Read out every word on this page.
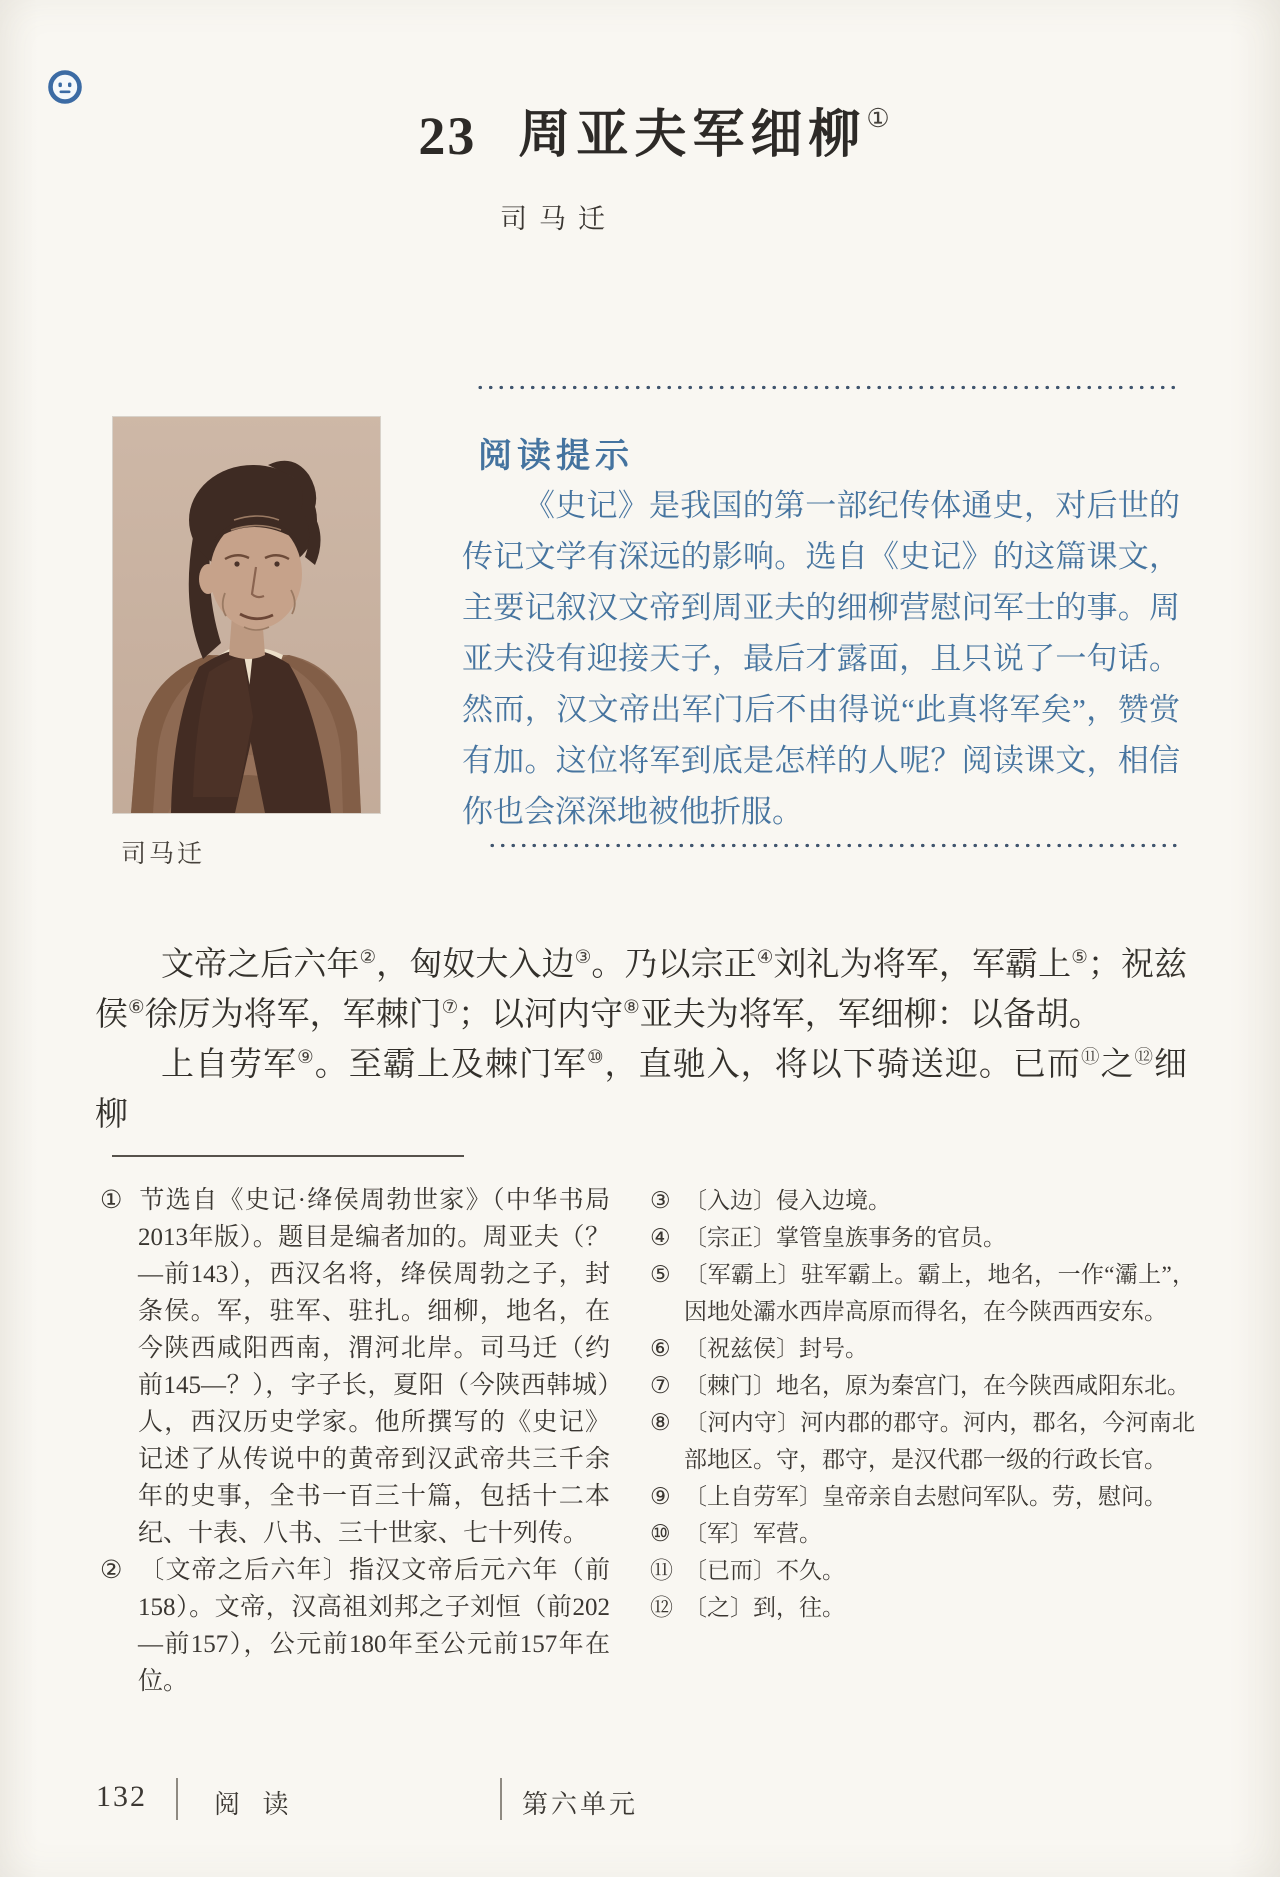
23 周亚夫军细柳 ①
司马迁
司马迁
阅读提示
《史记》是我国的第一部纪传体通史，对后世的传记文学有深远的影响。选自《史记》的这篇课文，主要记叙汉文帝到周亚夫的细柳营慰问军士的事。周亚夫没有迎接天子，最后才露面，且只说了一句话。然而，汉文帝出军门后不由得说“此真将军矣”，赞赏有加。这位将军到底是怎样的人呢？阅读课文，相信你也会深深地被他折服。

文帝之后六年②，匈奴大入边③。乃以宗正④刘礼为将军，军霸上⑤；祝兹侯⑥徐厉为将军，军棘门⑦；以河内守⑧亚夫为将军，军细柳：以备胡。

上自劳军⑨。至霸上及棘门军⑩，直驰入，将以下骑送迎。已而⑪之⑫细柳

① 节选自《史记·绛侯周勃世家》（中华书局2013年版）。题目是编者加的。周亚夫（？—前143），西汉名将，绛侯周勃之子，封条侯。军，驻军、驻扎。细柳，地名，在今陕西咸阳西南，渭河北岸。司马迁（约前145—？），字子长，夏阳（今陕西韩城）人，西汉历史学家。他所撰写的《史记》记述了从传说中的黄帝到汉武帝共三千余年的史事，全书一百三十篇，包括十二本纪、十表、八书、三十世家、七十列传。
② 〔文帝之后六年〕指汉文帝后元六年（前158）。文帝，汉高祖刘邦之子刘恒（前202—前157），公元前180年至公元前157年在位。
③ 〔入边〕侵入边境。
④ 〔宗正〕掌管皇族事务的官员。
⑤ 〔军霸上〕驻军霸上。霸上，地名，一作“灞上”，因地处灞水西岸高原而得名，在今陕西西安东。
⑥ 〔祝兹侯〕封号。
⑦ 〔棘门〕地名，原为秦宫门，在今陕西咸阳东北。
⑧ 〔河内守〕河内郡的郡守。河内，郡名，今河南北部地区。守，郡守，是汉代郡一级的行政长官。
⑨ 〔上自劳军〕皇帝亲自去慰问军队。劳，慰问。
⑩ 〔军〕军营。
⑪ 〔已而〕不久。
⑫ 〔之〕到，往。
132	阅 读	第六单元
